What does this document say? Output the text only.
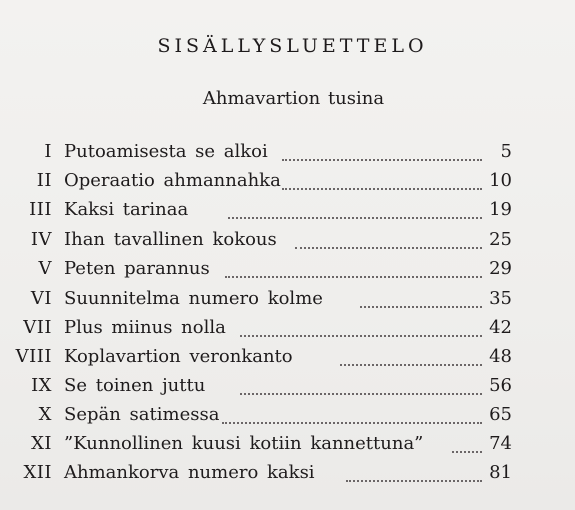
SISÄLLYSLUETTELO
Ahmavartion tusina
I Putoamisesta se alkoi	5
II Operaatio ahmannahka	10
III Kaksi tarinaa	19
IV Ihan tavallinen kokous	25
V Peten parannus	29
VI Suunnitelma numero kolme	35
VII Plus miinus nolla	42
VIII Koplavartion veronkanto	48
IX Se toinen juttu	56
X Sepän satimessa	65
XI ”Kunnollinen kuusi kotiin kannettuna”	74
XII Ahmankorva numero kaksi	81
